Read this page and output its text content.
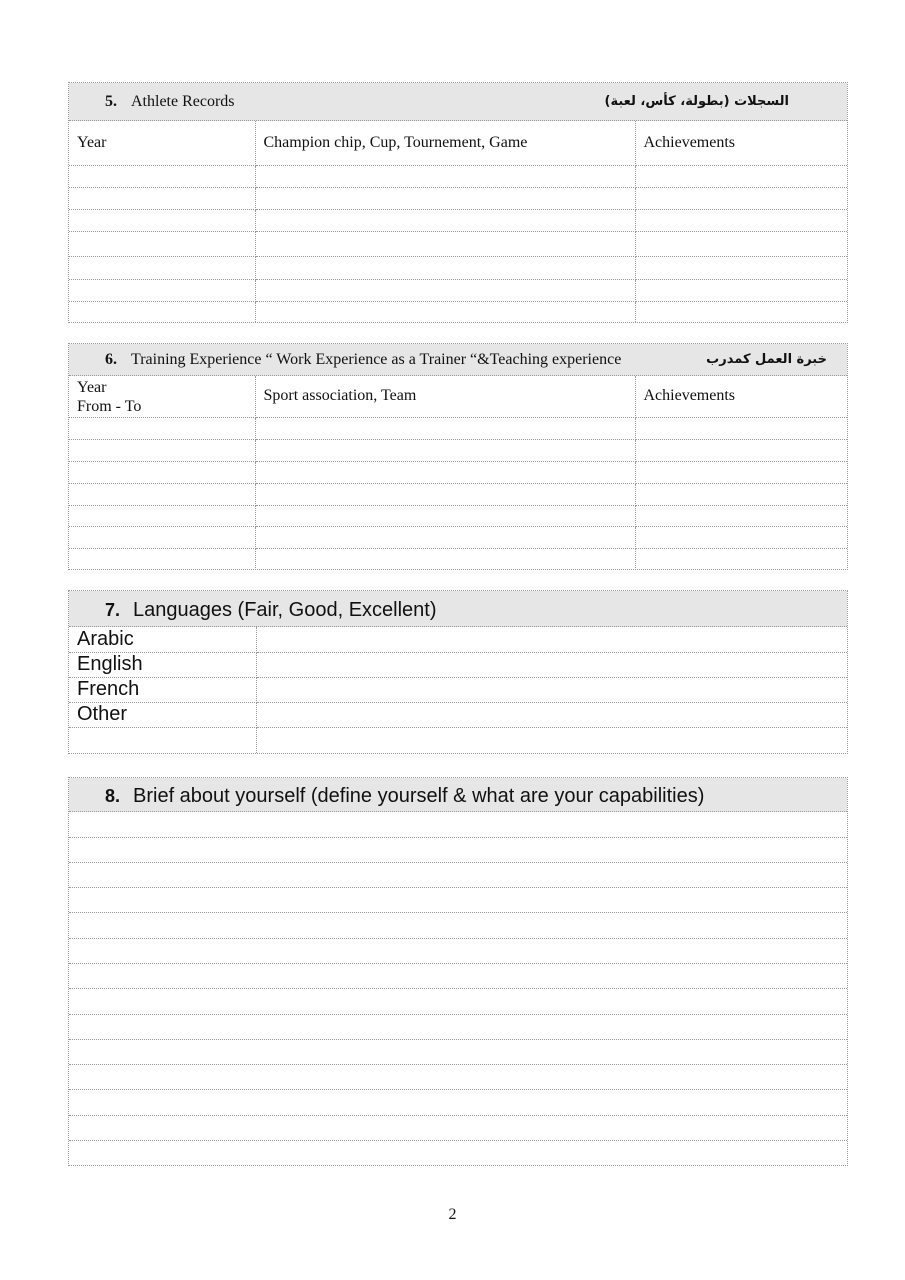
5. Athlete Records	السجلات (بطولة، كأس، لعبة)
Year	Champion chip, Cup, Tournement, Game	Achievements

6. Training Experience “ Work Experience as a Trainer “&Teaching experience	خبرة العمل كمدرب
Year
From - To	Sport association, Team	Achievements

7. Languages (Fair, Good, Excellent)
Arabic	
English	
French	
Other	

8. Brief about yourself (define yourself & what are your capabilities)

2
